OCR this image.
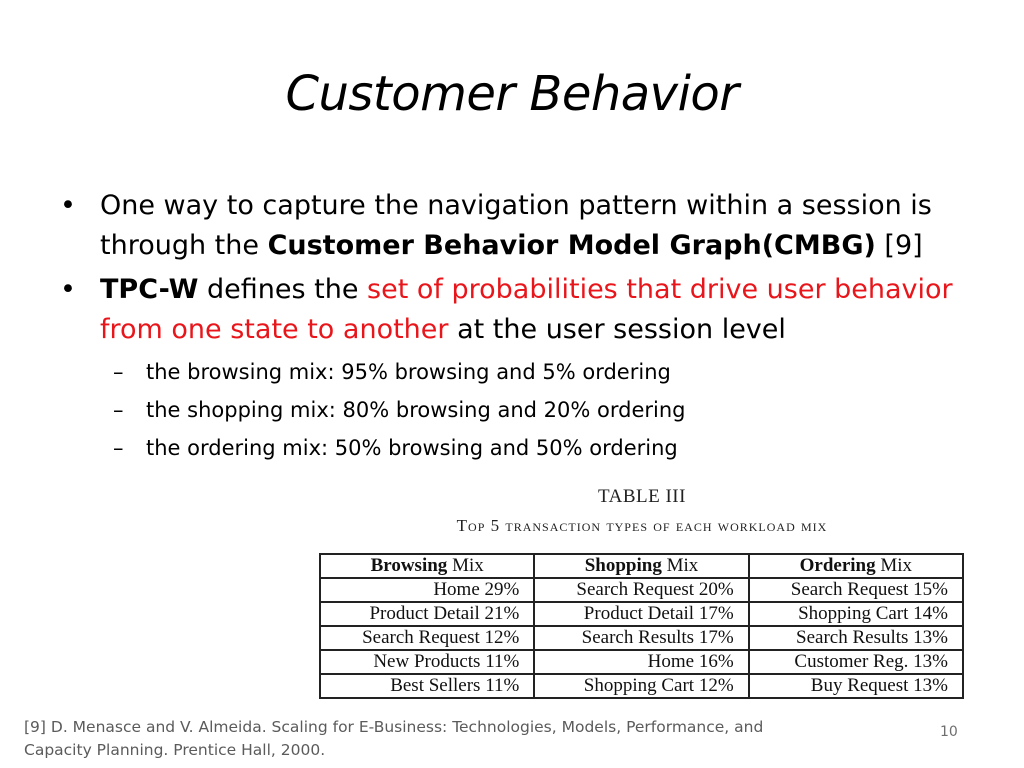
Customer Behavior
• One way to capture the navigation pattern within a session is through the Customer Behavior Model Graph(CMBG) [9]
• TPC-W defines the set of probabilities that drive user behavior from one state to another at the user session level
– the browsing mix: 95% browsing and 5% ordering
– the shopping mix: 80% browsing and 20% ordering
– the ordering mix: 50% browsing and 50% ordering
TABLE III
Top 5 transaction types of each workload mix
Browsing Mix	Shopping Mix	Ordering Mix
Home 29%	Search Request 20%	Search Request 15%
Product Detail 21%	Product Detail 17%	Shopping Cart 14%
Search Request 12%	Search Results 17%	Search Results 13%
New Products 11%	Home 16%	Customer Reg. 13%
Best Sellers 11%	Shopping Cart 12%	Buy Request 13%
[9] D. Menasce and V. Almeida. Scaling for E-Business: Technologies, Models, Performance, and Capacity Planning. Prentice Hall, 2000.
10
